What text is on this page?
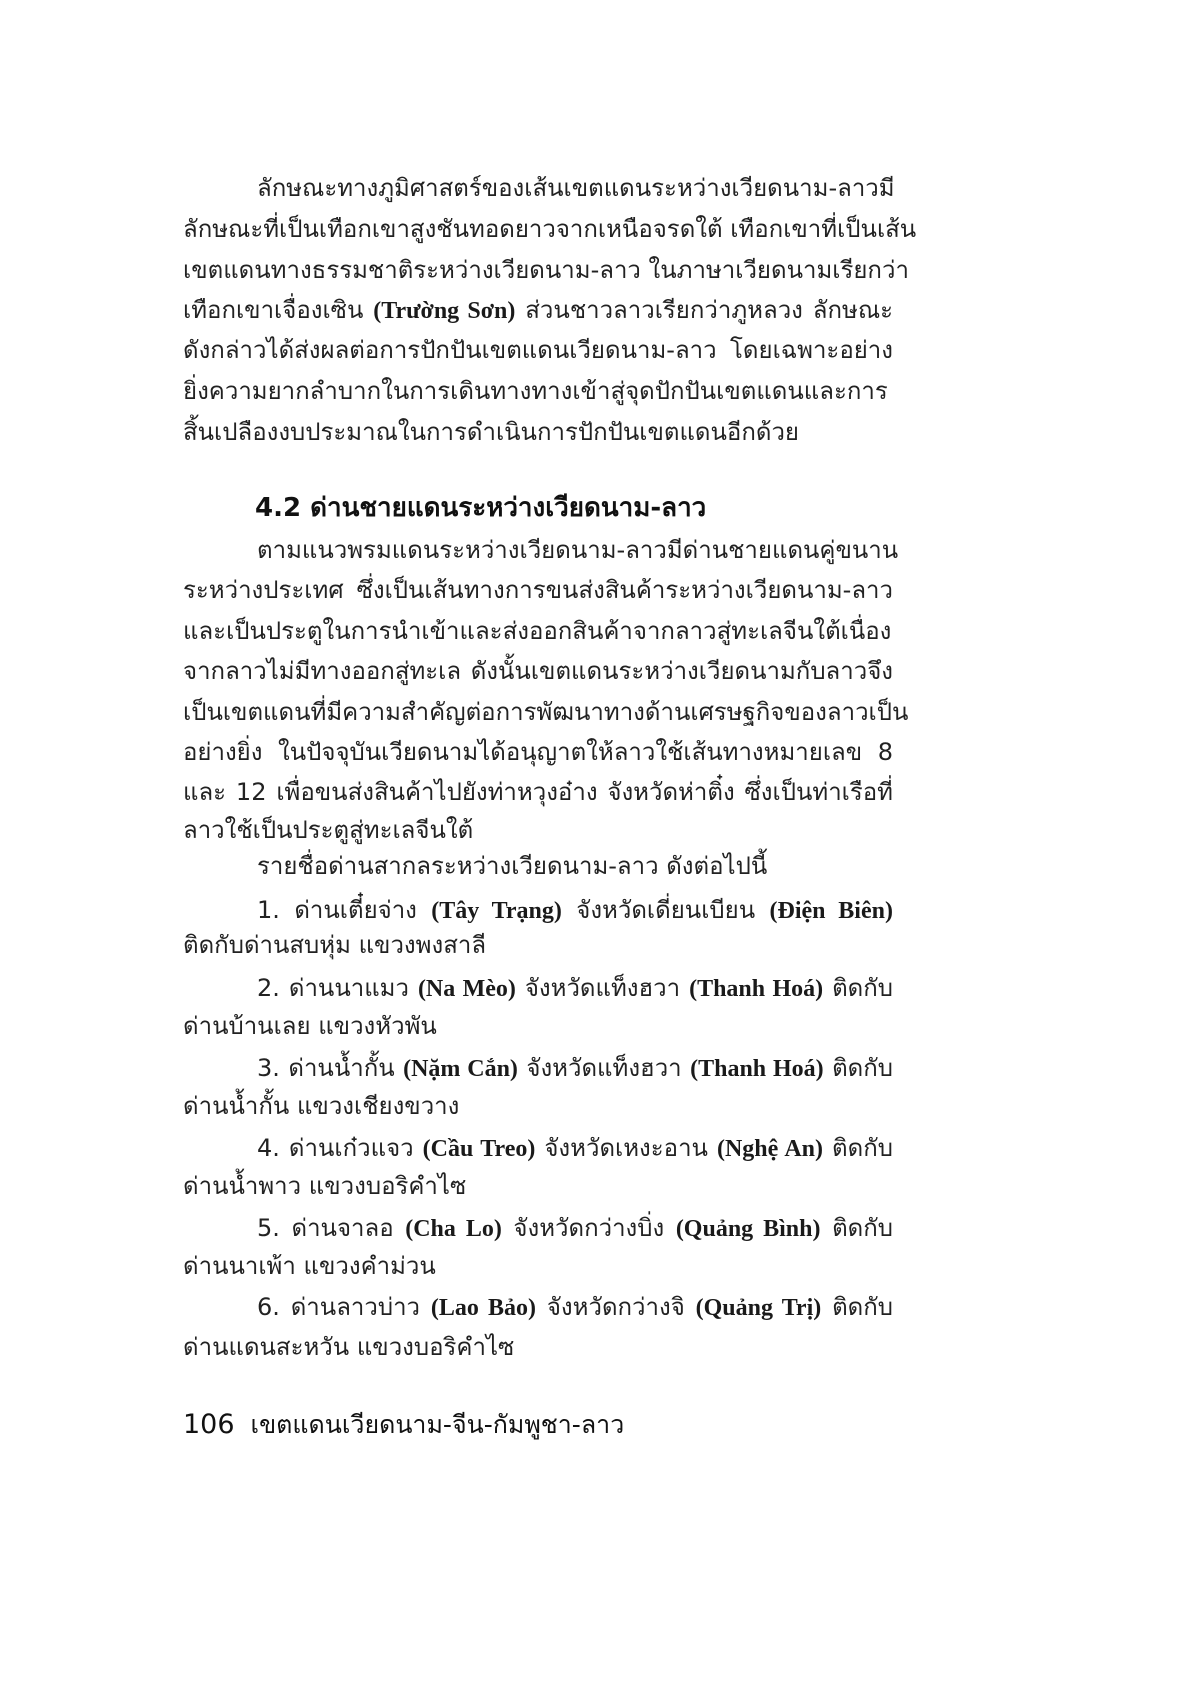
ลักษณะทางภูมิศาสตร์ของเส้นเขตแดนระหว่างเวียดนาม-ลาวมี
ลักษณะที่เป็นเทือกเขาสูงชันทอดยาวจากเหนือจรดใต้ เทือกเขาที่เป็นเส้น
เขตแดนทางธรรมชาติระหว่างเวียดนาม-ลาว ในภาษาเวียดนามเรียกว่า
เทือกเขาเจื่องเซิน (Trường Sơn) ส่วนชาวลาวเรียกว่าภูหลวง ลักษณะ
ดังกล่าวได้ส่งผลต่อการปักปันเขตแดนเวียดนาม-ลาว โดยเฉพาะอย่าง
ยิ่งความยากลำบากในการเดินทางทางเข้าสู่จุดปักปันเขตแดนและการ
สิ้นเปลืองงบประมาณในการดำเนินการปักปันเขตแดนอีกด้วย
4.2 ด่านชายแดนระหว่างเวียดนาม-ลาว
ตามแนวพรมแดนระหว่างเวียดนาม-ลาวมีด่านชายแดนคู่ขนาน
ระหว่างประเทศ ซึ่งเป็นเส้นทางการขนส่งสินค้าระหว่างเวียดนาม-ลาว
และเป็นประตูในการนำเข้าและส่งออกสินค้าจากลาวสู่ทะเลจีนใต้เนื่อง
จากลาวไม่มีทางออกสู่ทะเล ดังนั้นเขตแดนระหว่างเวียดนามกับลาวจึง
เป็นเขตแดนที่มีความสำคัญต่อการพัฒนาทางด้านเศรษฐกิจของลาวเป็น
อย่างยิ่ง ในปัจจุบันเวียดนามได้อนุญาตให้ลาวใช้เส้นทางหมายเลข 8
และ 12 เพื่อขนส่งสินค้าไปยังท่าหวุงอ๋าง จังหวัดห่าติ๋ง ซึ่งเป็นท่าเรือที่
ลาวใช้เป็นประตูสู่ทะเลจีนใต้
รายชื่อด่านสากลระหว่างเวียดนาม-ลาว ดังต่อไปนี้
1. ด่านเตี๋ยจ่าง (Tây Trạng) จังหวัดเดี่ยนเบียน (Điện Biên)
ติดกับด่านสบหุ่ม แขวงพงสาลี
2. ด่านนาแมว (Na Mèo) จังหวัดแท็งฮวา (Thanh Hoá) ติดกับ
ด่านบ้านเลย แขวงหัวพัน
3. ด่านน้ำกั้น (Nặm Cắn) จังหวัดแท็งฮวา (Thanh Hoá) ติดกับ
ด่านน้ำกั้น แขวงเชียงขวาง
4. ด่านเก๋วแจว (Cầu Treo) จังหวัดเหงะอาน (Nghệ An) ติดกับ
ด่านน้ำพาว แขวงบอริคำไซ
5. ด่านจาลอ (Cha Lo) จังหวัดกว่างบิ่ง (Quảng Bình) ติดกับ
ด่านนาเพ้า แขวงคำม่วน
6. ด่านลาวบ่าว (Lao Bảo) จังหวัดกว่างจิ (Quảng Trị) ติดกับ
ด่านแดนสะหวัน แขวงบอริคำไซ
106 เขตแดนเวียดนาม-จีน-กัมพูชา-ลาว
